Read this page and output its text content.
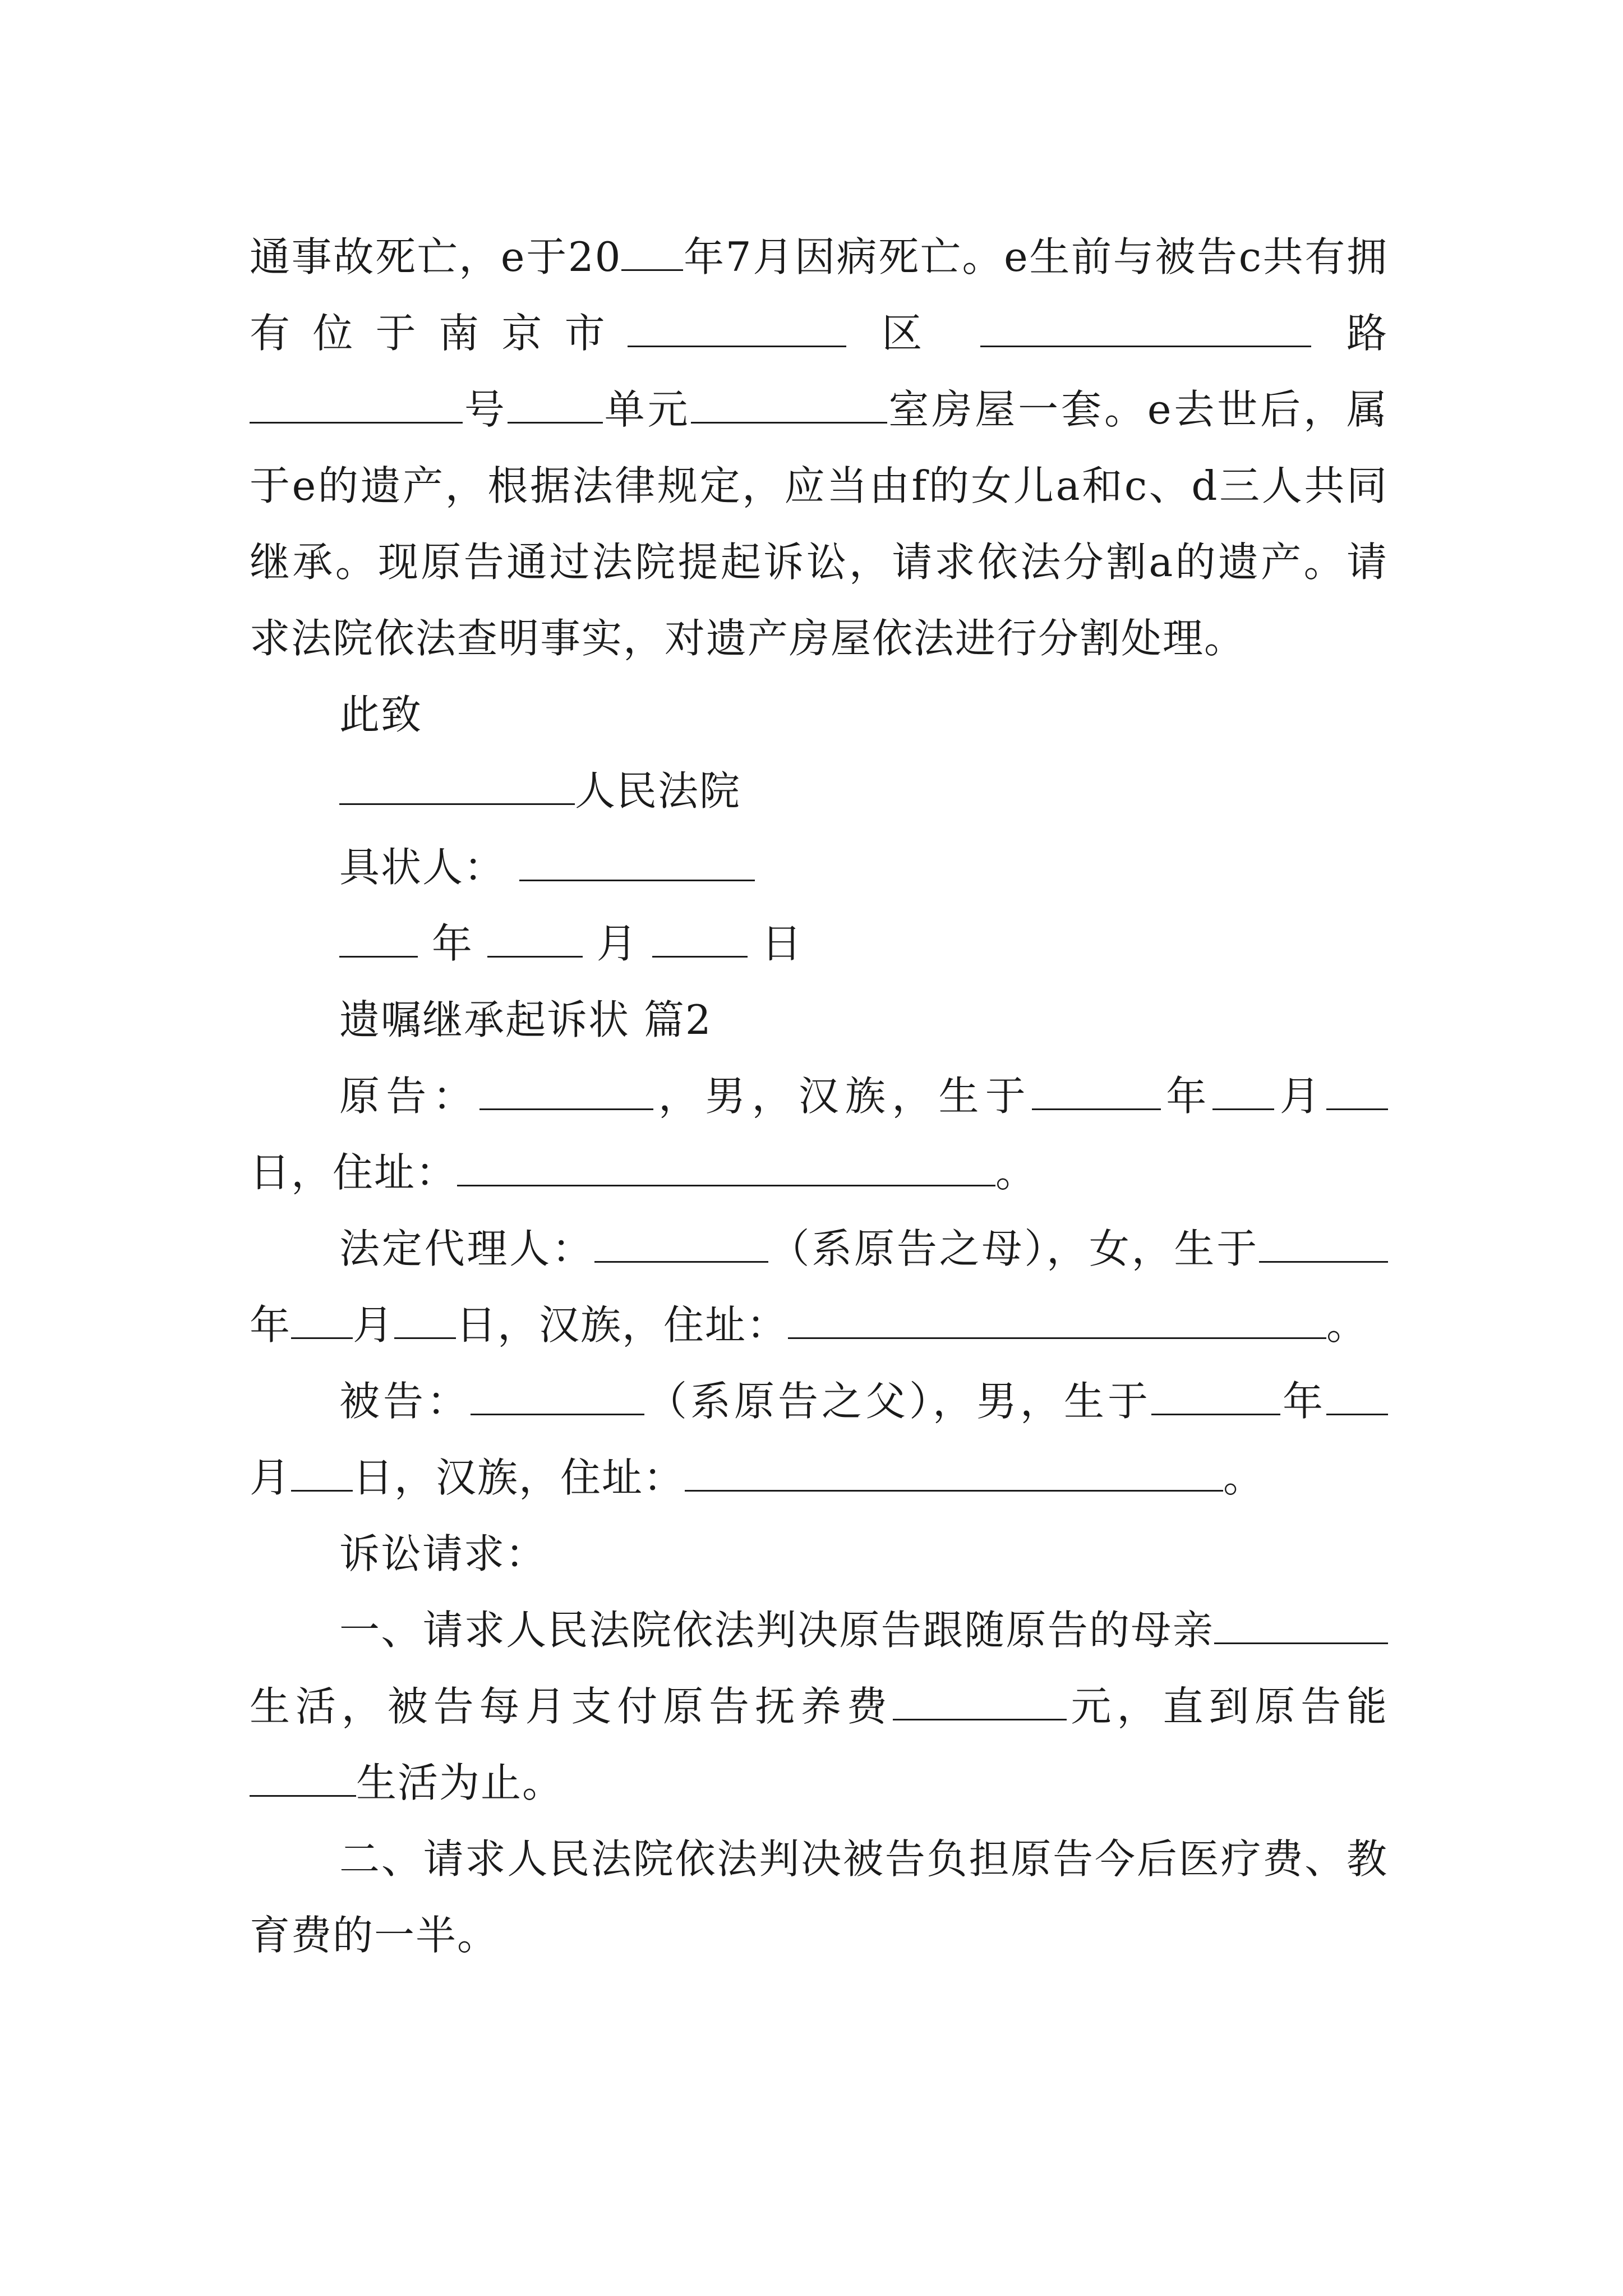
通事故死亡，e于20 年7月因病死亡。e生前与被告c共有拥有位于南京市	区	路 号 单元	室房屋一套。e去世后，属于e的遗产，根据法律规定，应当由f的女儿a和c、d三人共同继承。现原告通过法院提起诉讼，请求依法分割a的遗产。请求法院依法查明事实，对遗产房屋依法进行分割处理。

此致

人民法院

具状人：

年  月  日

遗嘱继承起诉状 篇2

原告：	，男，汉族，生于	年 月日，住址：	。

法定代理人：	（系原告之母），女，生于年 月 日，汉族，住址：	。

被告：	（系原告之父），男，生于	年月 日，汉族，住址：	。

诉讼请求：

一、请求人民法院依法判决原告跟随原告的母亲生活，被告每月支付原告抚养费	元，直到原告能生活为止。

二、请求人民法院依法判决被告负担原告今后医疗费、教育费的一半。
